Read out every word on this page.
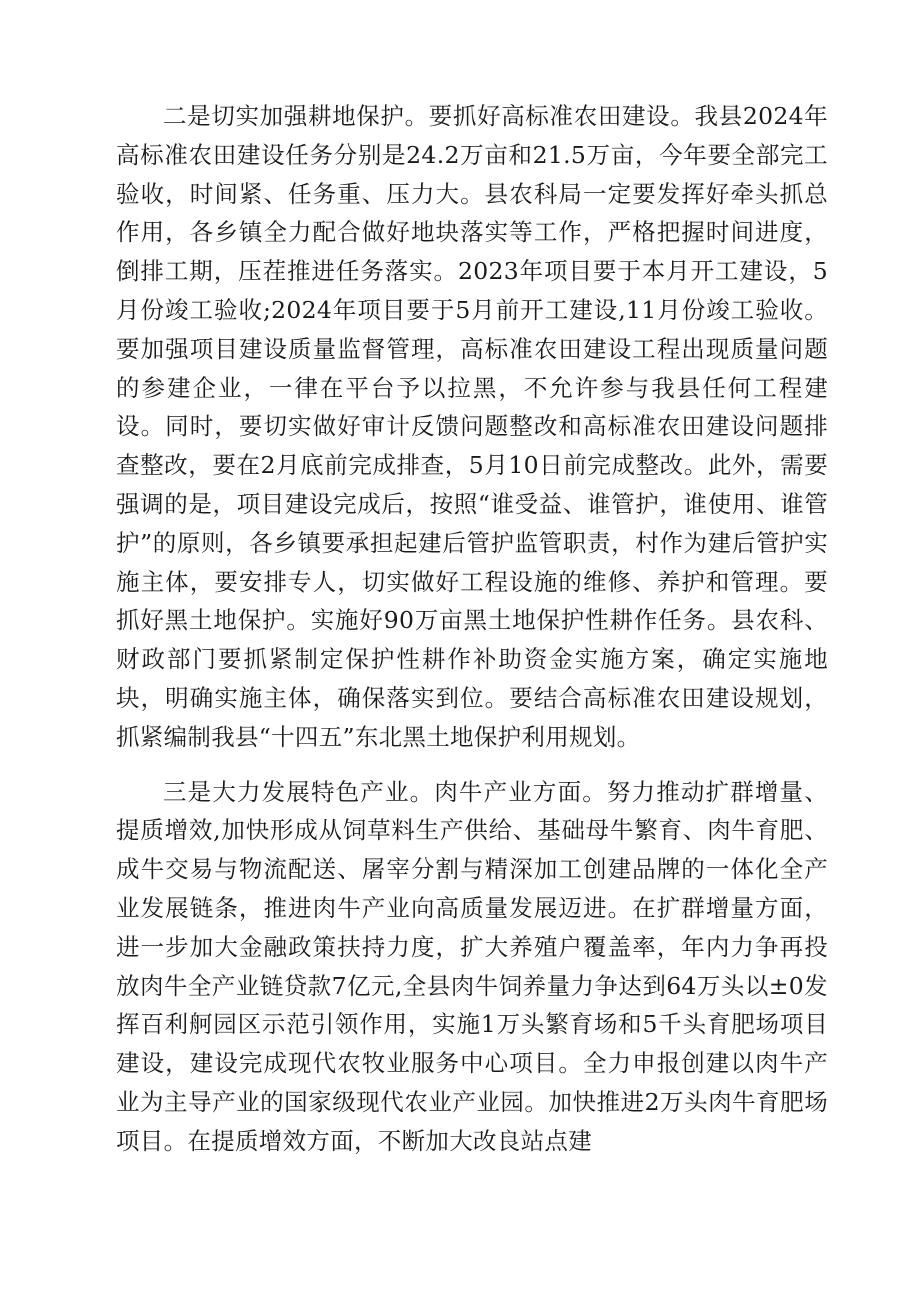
二是切实加强耕地保护。要抓好高标准农田建设。我县2024年高标准农田建设任务分别是24.2万亩和21.5万亩，今年要全部完工验收，时间紧、任务重、压力大。县农科局一定要发挥好牵头抓总作用，各乡镇全力配合做好地块落实等工作，严格把握时间进度，倒排工期，压茬推进任务落实。2023年项目要于本月开工建设，5月份竣工验收;2024年项目要于5月前开工建设,11月份竣工验收。要加强项目建设质量监督管理，高标准农田建设工程出现质量问题的参建企业，一律在平台予以拉黑，不允许参与我县任何工程建设。同时，要切实做好审计反馈问题整改和高标准农田建设问题排查整改，要在2月底前完成排查，5月10日前完成整改。此外，需要强调的是，项目建设完成后，按照“谁受益、谁管护，谁使用、谁管护”的原则，各乡镇要承担起建后管护监管职责，村作为建后管护实施主体，要安排专人，切实做好工程设施的维修、养护和管理。要抓好黑土地保护。实施好90万亩黑土地保护性耕作任务。县农科、财政部门要抓紧制定保护性耕作补助资金实施方案，确定实施地块，明确实施主体，确保落实到位。要结合高标准农田建设规划，抓紧编制我县“十四五”东北黑土地保护利用规划。

三是大力发展特色产业。肉牛产业方面。努力推动扩群增量、提质增效,加快形成从饲草料生产供给、基础母牛繁育、肉牛育肥、成牛交易与物流配送、屠宰分割与精深加工创建品牌的一体化全产业发展链条，推进肉牛产业向高质量发展迈进。在扩群增量方面，进一步加大金融政策扶持力度，扩大养殖户覆盖率，年内力争再投放肉牛全产业链贷款7亿元,全县肉牛饲养量力争达到64万头以±0发挥百利舸园区示范引领作用，实施1万头繁育场和5千头育肥场项目建设，建设完成现代农牧业服务中心项目。全力申报创建以肉牛产业为主导产业的国家级现代农业产业园。加快推进2万头肉牛育肥场项目。在提质增效方面，不断加大改良站点建
